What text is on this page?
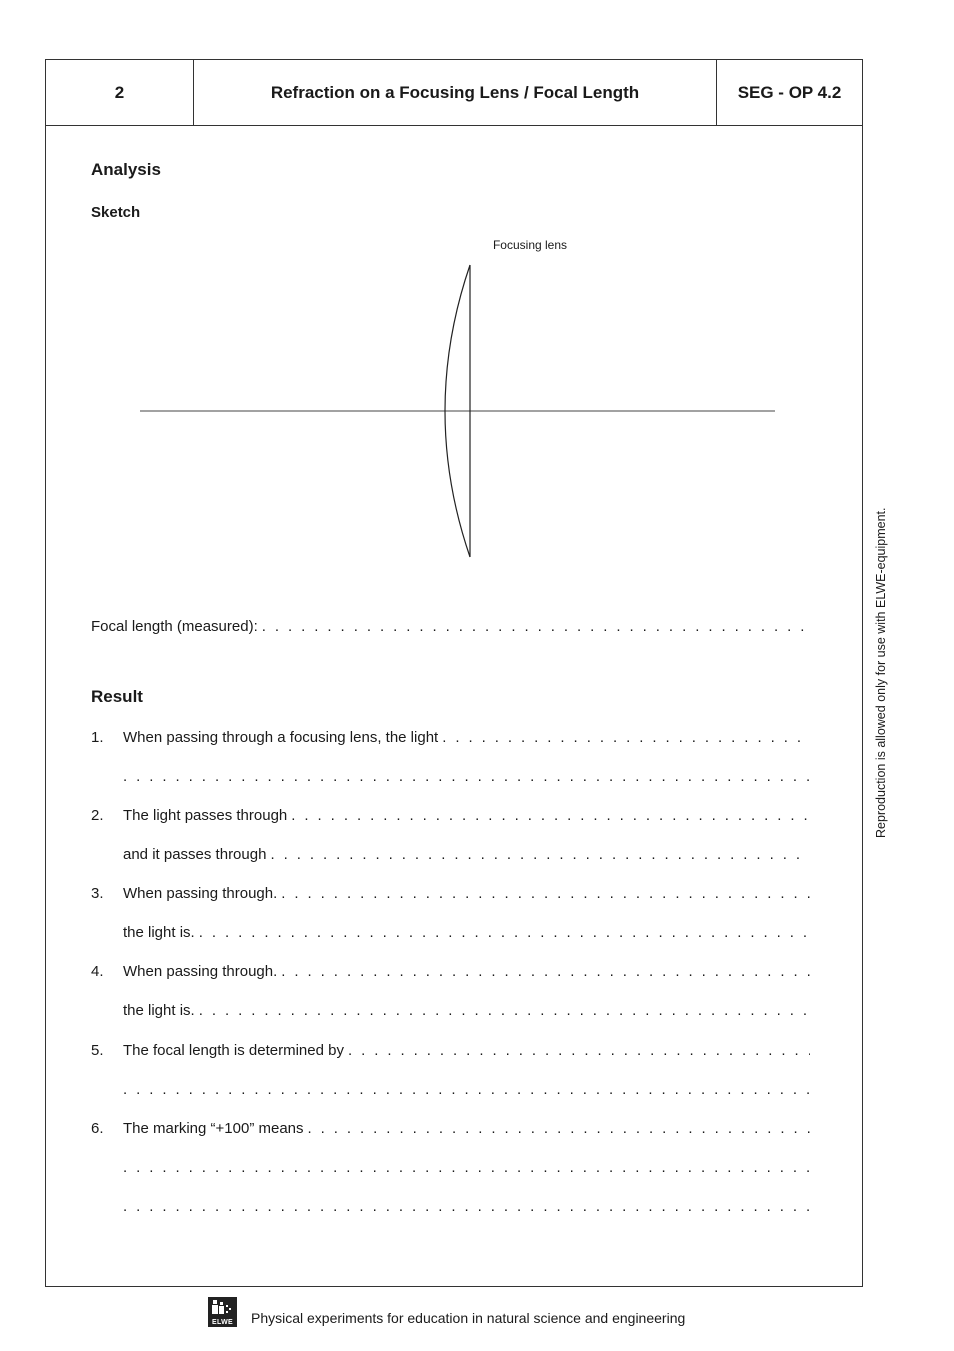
2	Refraction on a Focusing Lens / Focal Length	SEG - OP 4.2
Analysis
Sketch
Focusing lens
Focal length (measured):
. . .
Result
1.	When passing through a focusing lens, the light
. . .
. . .
2.	The light passes through
. . .
and it passes through
. . .
3.	When passing through.
. . .
the light is.
. . .
4.	When passing through.
. . .
the light is.
. . .
5.	The focal length is determined by
. . .
. . .
6.	The marking “+100” means
. . .
. . .
. . .
Reproduction is allowed only for use with ELWE-equipment.
ELWE Physical experiments for education in natural science and engineering
